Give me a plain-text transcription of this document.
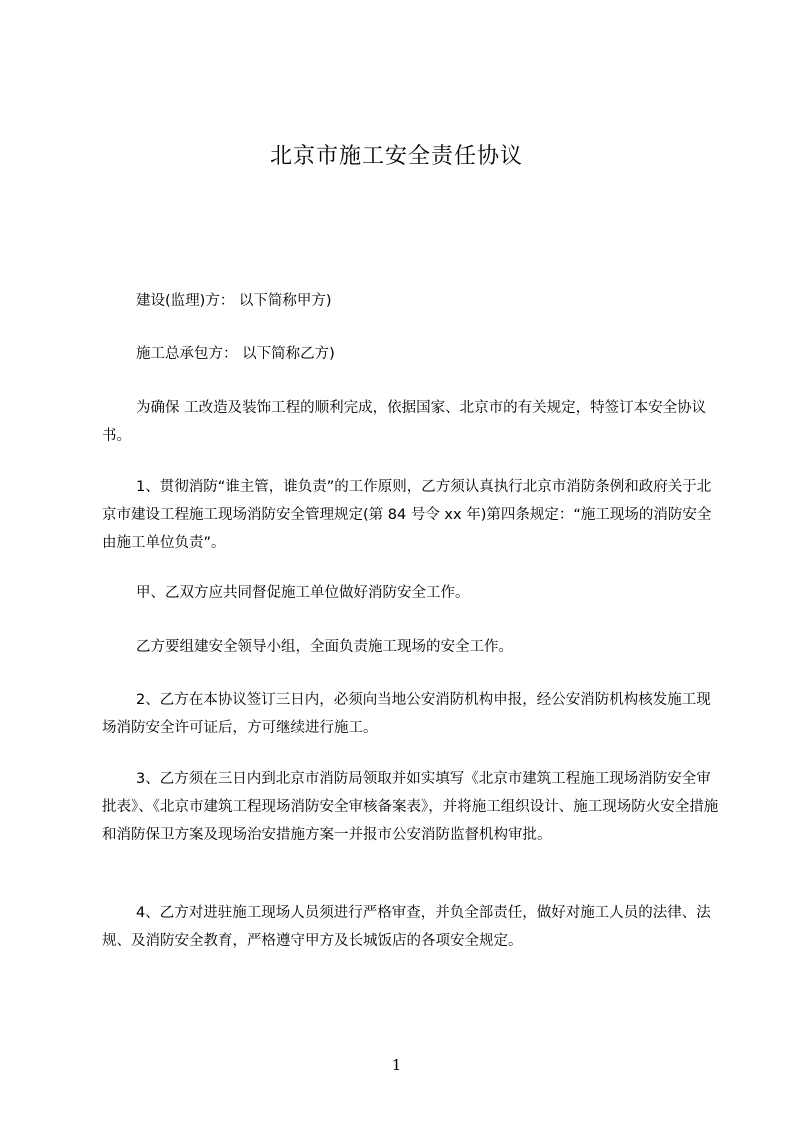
北京市施工安全责任协议

建设(监理)方： 以下简称甲方)

施工总承包方： 以下简称乙方)

为确保 工改造及装饰工程的顺利完成，依据国家、北京市的有关规定，特签订本安全协议书。

1、贯彻消防“谁主管，谁负责”的工作原则，乙方须认真执行北京市消防条例和政府关于北京市建设工程施工现场消防安全管理规定(第 84 号令 xx 年)第四条规定：“施工现场的消防安全由施工单位负责”。

甲、乙双方应共同督促施工单位做好消防安全工作。

乙方要组建安全领导小组，全面负责施工现场的安全工作。

2、乙方在本协议签订三日内，必须向当地公安消防机构申报，经公安消防机构核发施工现场消防安全许可证后，方可继续进行施工。

3、乙方须在三日内到北京市消防局领取并如实填写《北京市建筑工程施工现场消防安全审批表》、《北京市建筑工程现场消防安全审核备案表》，并将施工组织设计、施工现场防火安全措施和消防保卫方案及现场治安措施方案一并报市公安消防监督机构审批。

4、乙方对进驻施工现场人员须进行严格审查，并负全部责任，做好对施工人员的法律、法规、及消防安全教育，严格遵守甲方及长城饭店的各项安全规定。

1
